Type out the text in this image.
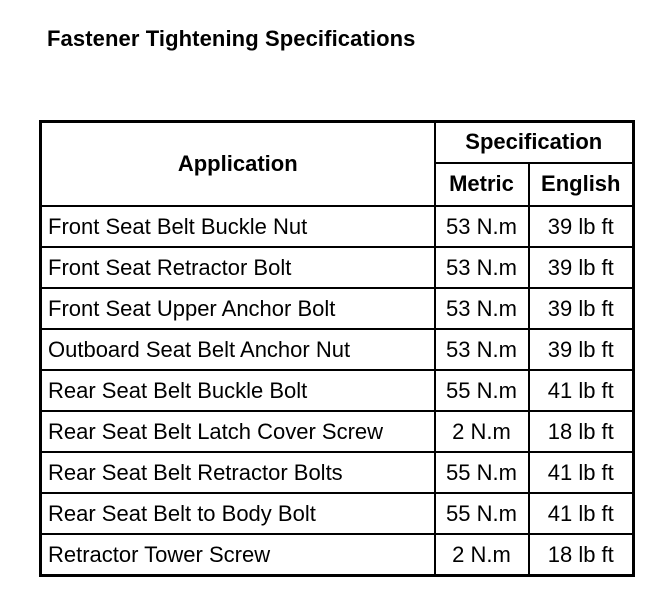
Fastener Tightening Specifications
Application	Specification	
	Metric	English
Front Seat Belt Buckle Nut	53 N.m	39 lb ft
Front Seat Retractor Bolt	53 N.m	39 lb ft
Front Seat Upper Anchor Bolt	53 N.m	39 lb ft
Outboard Seat Belt Anchor Nut	53 N.m	39 lb ft
Rear Seat Belt Buckle Bolt	55 N.m	41 lb ft
Rear Seat Belt Latch Cover Screw	2 N.m	18 lb ft
Rear Seat Belt Retractor Bolts	55 N.m	41 lb ft
Rear Seat Belt to Body Bolt	55 N.m	41 lb ft
Retractor Tower Screw	2 N.m	18 lb ft
